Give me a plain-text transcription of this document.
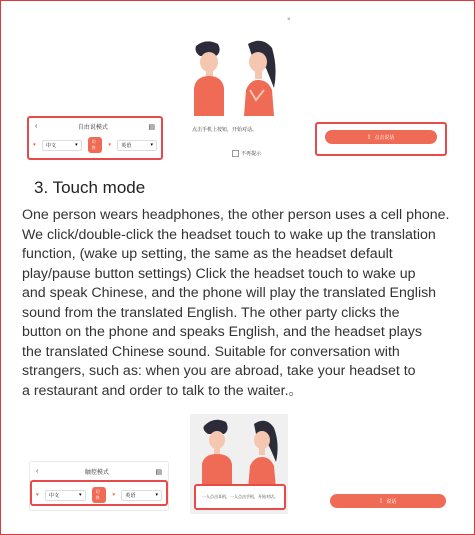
×
‹	自由说模式	▤
♥ 中文	▾
切换	♥ 英语	▾
点击手机上按钮，开始对话。
不再提示
▯ 点击说话
3. Touch mode

One person wears headphones, the other person uses a cell phone.

We click/double-click the headset touch to wake up the translation

function, (wake up setting, the same as the headset default

play/pause button settings) Click the headset touch to wake up

and speak Chinese, and the phone will play the translated English

sound from the translated English. The other party clicks the

button on the phone and speaks English, and the headset plays

the translated Chinese sound. Suitable for conversation with

strangers, such as: when you are abroad, take your headset to

a restaurant and order to talk to the waiter.。

一人点击耳机，一人点击手机，开始对话。
‹	触控模式	▤
♥ 中文	▾
切换	♥ 英语	▾
▯ 说话
